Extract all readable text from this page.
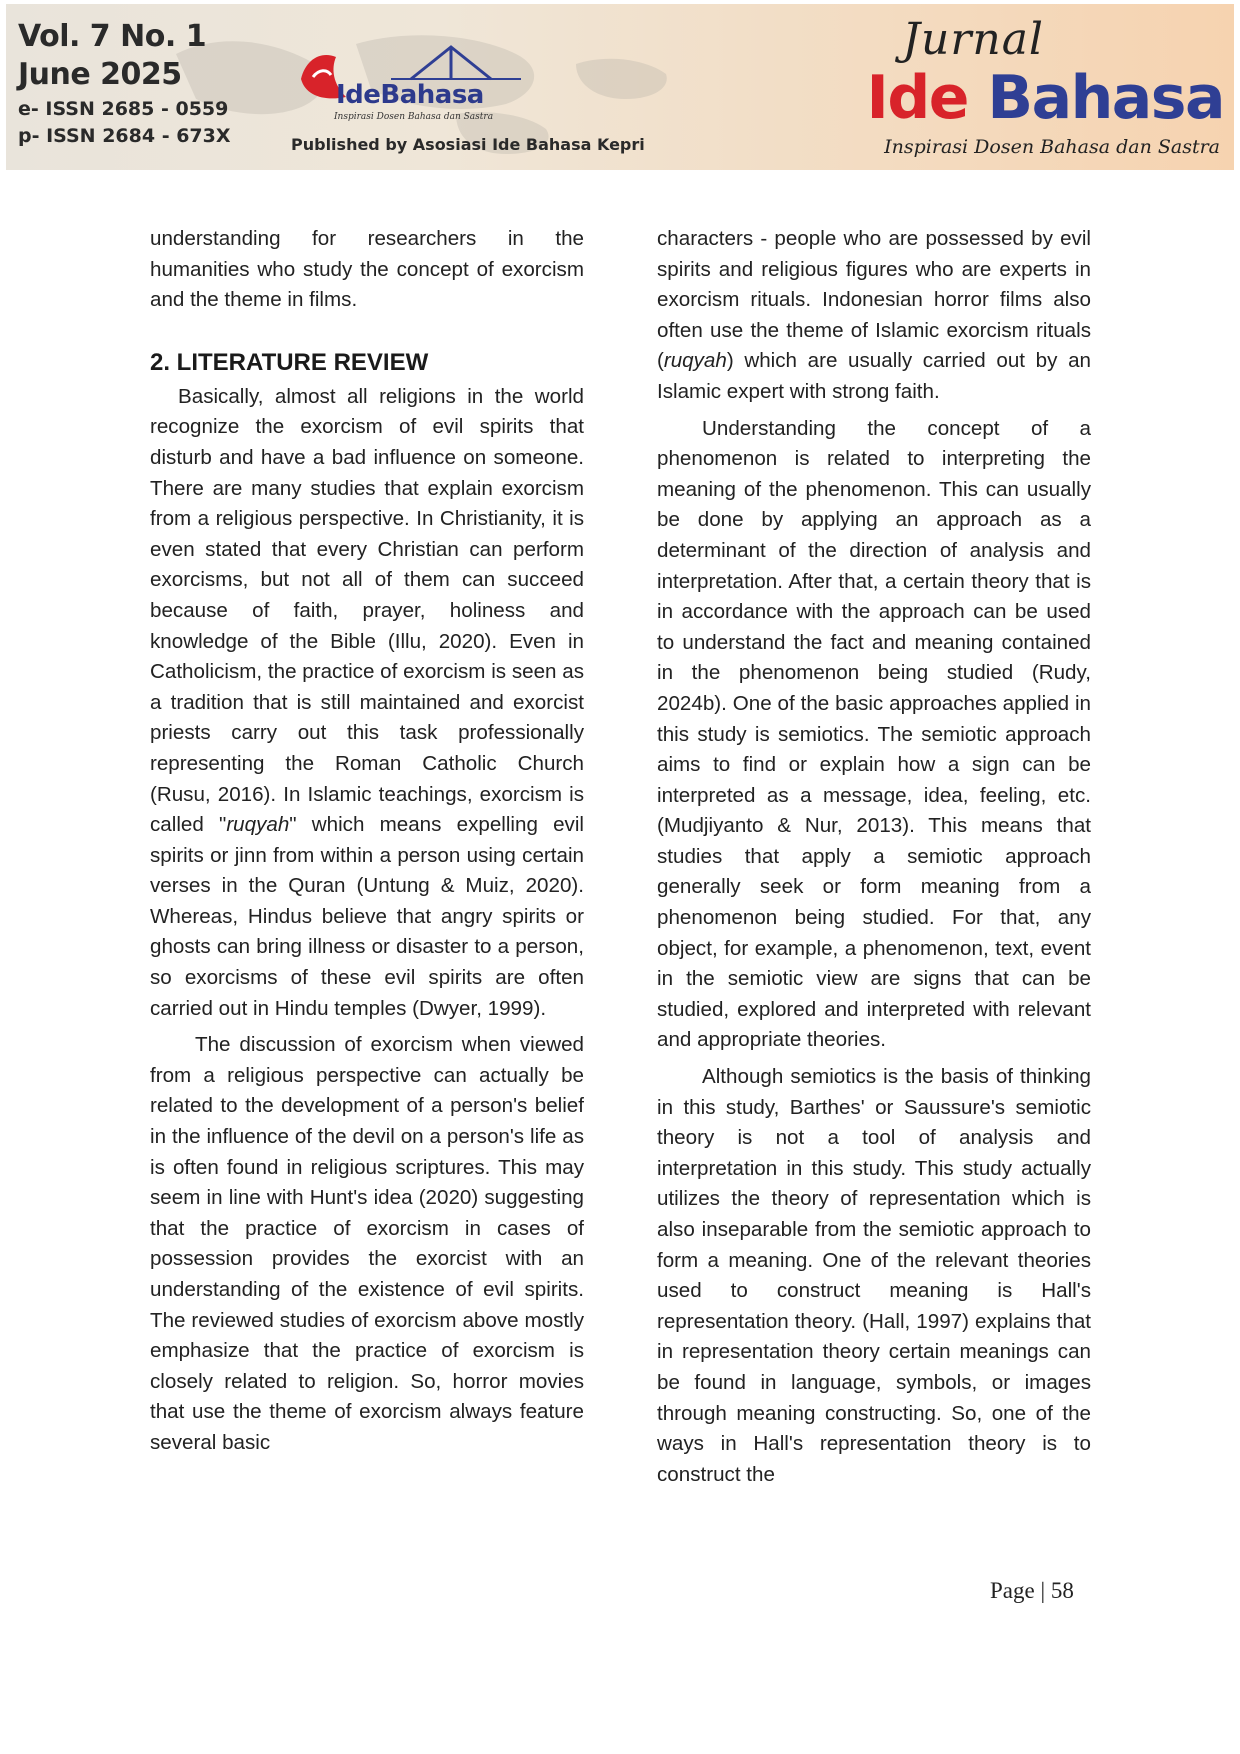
Vol. 7 No. 1
June 2025
e- ISSN 2685 - 0559
p- ISSN 2684 - 673X
IdeBahasa
Inspirasi Dosen Bahasa dan Sastra
Published by Asosiasi Ide Bahasa Kepri
Jurnal
Ide Bahasa
Inspirasi Dosen Bahasa dan Sastra

understanding for researchers in the humanities who study the concept of exorcism and the theme in films.

2. LITERATURE REVIEW

Basically, almost all religions in the world recognize the exorcism of evil spirits that disturb and have a bad influence on someone. There are many studies that explain exorcism from a religious perspective. In Christianity, it is even stated that every Christian can perform exorcisms, but not all of them can succeed because of faith, prayer, holiness and knowledge of the Bible (Illu, 2020). Even in Catholicism, the practice of exorcism is seen as a tradition that is still maintained and exorcist priests carry out this task professionally representing the Roman Catholic Church (Rusu, 2016). In Islamic teachings, exorcism is called "ruqyah" which means expelling evil spirits or jinn from within a person using certain verses in the Quran (Untung & Muiz, 2020). Whereas, Hindus believe that angry spirits or ghosts can bring illness or disaster to a person, so exorcisms of these evil spirits are often carried out in Hindu temples (Dwyer, 1999).

The discussion of exorcism when viewed from a religious perspective can actually be related to the development of a person's belief in the influence of the devil on a person's life as is often found in religious scriptures. This may seem in line with Hunt's idea (2020) suggesting that the practice of exorcism in cases of possession provides the exorcist with an understanding of the existence of evil spirits. The reviewed studies of exorcism above mostly emphasize that the practice of exorcism is closely related to religion. So, horror movies that use the theme of exorcism always feature several basic

characters - people who are possessed by evil spirits and religious figures who are experts in exorcism rituals. Indonesian horror films also often use the theme of Islamic exorcism rituals (ruqyah) which are usually carried out by an Islamic expert with strong faith.

Understanding the concept of a phenomenon is related to interpreting the meaning of the phenomenon. This can usually be done by applying an approach as a determinant of the direction of analysis and interpretation. After that, a certain theory that is in accordance with the approach can be used to understand the fact and meaning contained in the phenomenon being studied (Rudy, 2024b). One of the basic approaches applied in this study is semiotics. The semiotic approach aims to find or explain how a sign can be interpreted as a message, idea, feeling, etc. (Mudjiyanto & Nur, 2013). This means that studies that apply a semiotic approach generally seek or form meaning from a phenomenon being studied. For that, any object, for example, a phenomenon, text, event in the semiotic view are signs that can be studied, explored and interpreted with relevant and appropriate theories.

Although semiotics is the basis of thinking in this study, Barthes' or Saussure's semiotic theory is not a tool of analysis and interpretation in this study. This study actually utilizes the theory of representation which is also inseparable from the semiotic approach to form a meaning. One of the relevant theories used to construct meaning is Hall's representation theory. (Hall, 1997) explains that in representation theory certain meanings can be found in language, symbols, or images through meaning constructing. So, one of the ways in Hall's representation theory is to construct the

Page | 58
